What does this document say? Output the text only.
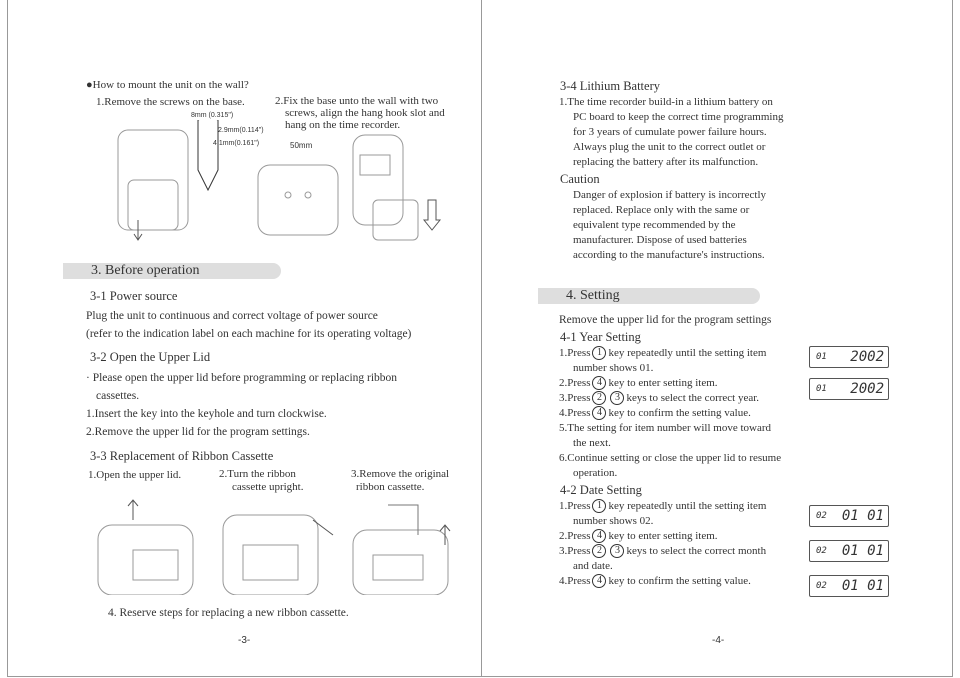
●How to mount the unit on the wall?
1.Remove the screws on the base.	2.Fix the base unto the wall with two
screws, align the hang hook slot and
hang on the time recorder.
8mm (0.315")
2.9mm(0.114")
4.1mm(0.161")	50mm
3. Before operation
3-1 Power source
Plug the unit to continuous and correct voltage of power source
(refer to the indication label on each machine for its operating voltage)
3-2 Open the Upper Lid
· Please open the upper lid before programming or replacing ribbon
cassettes.
1.Insert the key into the keyhole and turn clockwise.
2.Remove the upper lid for the program settings.
3-3 Replacement of Ribbon Cassette
1.Open the upper lid.	2.Turn the ribbon
cassette upright.
3.Remove the original
ribbon cassette.
4. Reserve steps for replacing a new ribbon cassette.
-3-
3-4 Lithium Battery
1.The time recorder build-in a lithium battery on
PC board to keep the correct time programming
for 3 years of cumulate power failure hours.
Always plug the unit to the correct outlet or
replacing the battery after its malfunction.
Caution
Danger of explosion if battery is incorrectly
replaced. Replace only with the same or
equivalent type recommended by the
manufacturer. Dispose of used batteries
according to the manufacture's instructions.
4. Setting
Remove the upper lid for the program settings
4-1 Year Setting
1.Press 1 key repeatedly until the setting item
number shows 01.
2.Press 4 key to enter setting item.
3.Press 2 3 keys to select the correct year.
4.Press 4 key to confirm the setting value.
5.The setting for item number will move toward
the next.
6.Continue setting or close the upper lid to resume
operation.
4-2 Date Setting
1.Press 1 key repeatedly until the setting item
number shows 02.
2.Press 4 key to enter setting item.
3.Press 2 3 keys to select the correct month
and date.
4.Press 4 key to confirm the setting value.
01 2002
01 2002
02 01 01
02 01 01
02 01 01
-4-
